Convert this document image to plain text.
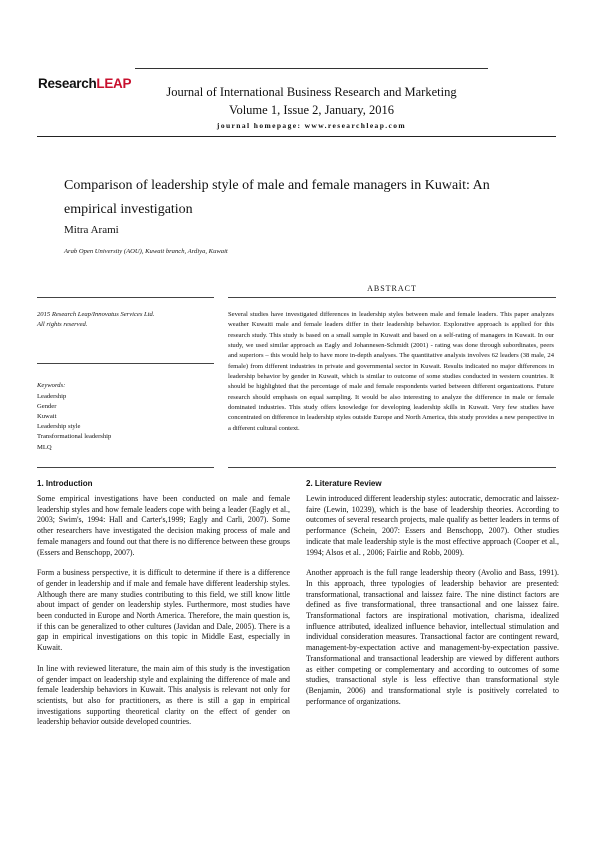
ResearchLEAP
Journal of International Business Research and Marketing
Volume 1, Issue 2, January, 2016
journal homepage: www.researchleap.com
Comparison of leadership style of male and female managers in Kuwait: An empirical investigation
Mitra Arami
Arab Open University (AOU), Kuwait branch, Ardiya, Kuwait
ABSTRACT
2015 Research Leap/Innovatus Services Ltd.
All rights reserved.
Keywords:
Leadership
Gender
Kuwait
Leadership style
Transformational leadership
MLQ
Several studies have investigated differences in leadership styles between male and female leaders. This paper analyzes weather Kuwaiti male and female leaders differ in their leadership behavior. Explorative approach is applied for this research study. This study is based on a small sample in Kuwait and based on a self-rating of managers in Kuwait. In our study, we used similar approach as Eagly and Johannesen-Schmidt (2001) - rating was done through subordinates, peers and superiors – this would help to have more in-depth analyses. The quantitative analysis involves 62 leaders (38 male, 24 female) from different industries in private and governmental sector in Kuwait. Results indicated no major differences in leadership behavior by gender in Kuwait, which is similar to outcome of some studies conducted in western countries. It should be highlighted that the percentage of male and female respondents varied between different organizations. Future research should emphasis on equal sampling. It would be also interesting to analyze the difference in male or female dominated industries. This study offers knowledge for developing leadership skills in Kuwait. Very few studies have concentrated on difference in leadership styles outside Europe and North America, this study provides a new perspective in a different cultural context.
1. Introduction

Some empirical investigations have been conducted on male and female leadership styles and how female leaders cope with being a leader (Eagly et al., 2003; Swim's, 1994: Hall and Carter's,1999; Eagly and Carli, 2007). Some other researchers have investigated the decision making process of male and female managers and found out that there is no difference between these groups (Essers and Benschopp, 2007).

Form a business perspective, it is difficult to determine if there is a difference of gender in leadership and if male and female have different leadership styles. Although there are many studies contributing to this field, we still know little about impact of gender on leadership styles. Furthermore, most studies have been conducted in Europe and North America. Therefore, the main question is, if this can be generalized to other cultures (Javidan and Dale, 2005). There is a gap in empirical investigations on this topic in Middle East, especially in Kuwait.

In line with reviewed literature, the main aim of this study is the investigation of gender impact on leadership style and explaining the difference of male and female leadership behaviors in Kuwait. This analysis is relevant not only for scientists, but also for practitioners, as there is still a gap in empirical investigations supporting theoretical clarity on the effect of gender on leadership behavior outside developed countries.

2. Literature Review

Lewin introduced different leadership styles: autocratic, democratic and laissez-faire (Lewin, 10239), which is the base of leadership theories. According to outcomes of several research projects, male qualify as better leaders in terms of performance (Schein, 2007: Essers and Benschopp, 2007). Other studies indicate that male leadership style is the most effective approach (Cooper et al., 1994; Alsos et al. , 2006; Fairlie and Robb, 2009).

Another approach is the full range leadership theory (Avolio and Bass, 1991). In this approach, three typologies of leadership behavior are presented: transformational, transactional and laissez faire. The nine distinct factors are defined as five transformational, three transactional and one laissez faire. Transformational factors are inspirational motivation, charisma, idealized influence attributed, idealized influence behavior, intellectual stimulation and individual consideration measures. Transactional factor are contingent reward, management-by-expectation active and management-by-expectation passive. Transformational and transactional leadership are viewed by different authors as either competing or complementary and according to outcomes of some studies, transactional style is less effective than transformational style (Benjamin, 2006) and transformational style is positively correlated to performance of organizations.
